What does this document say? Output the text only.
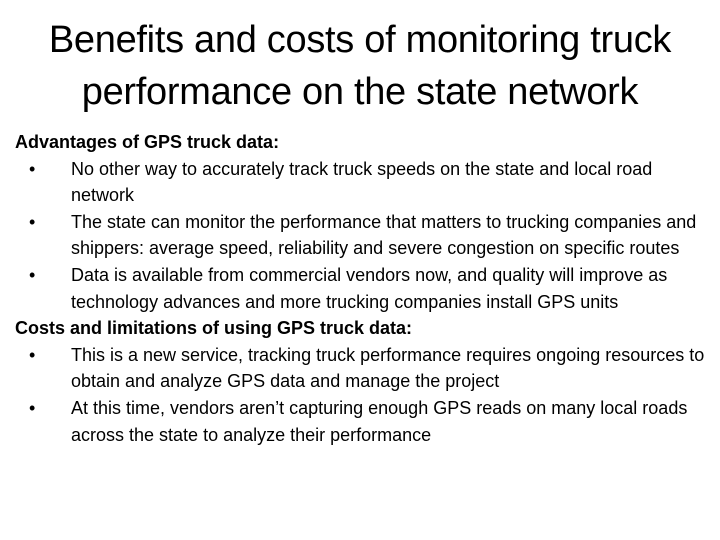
Benefits and costs of monitoring truck
performance on the state network

Advantages of GPS truck data:

• No other way to accurately track truck speeds on the state and local road network
• The state can monitor the performance that matters to trucking companies and shippers: average speed, reliability and severe congestion on specific routes
• Data is available from commercial vendors now, and quality will improve as technology advances and more trucking companies install GPS units

Costs and limitations of using GPS truck data:

• This is a new service, tracking truck performance requires ongoing resources to obtain and analyze GPS data and manage the project
• At this time, vendors aren’t capturing enough GPS reads on many local roads across the state to analyze their performance
